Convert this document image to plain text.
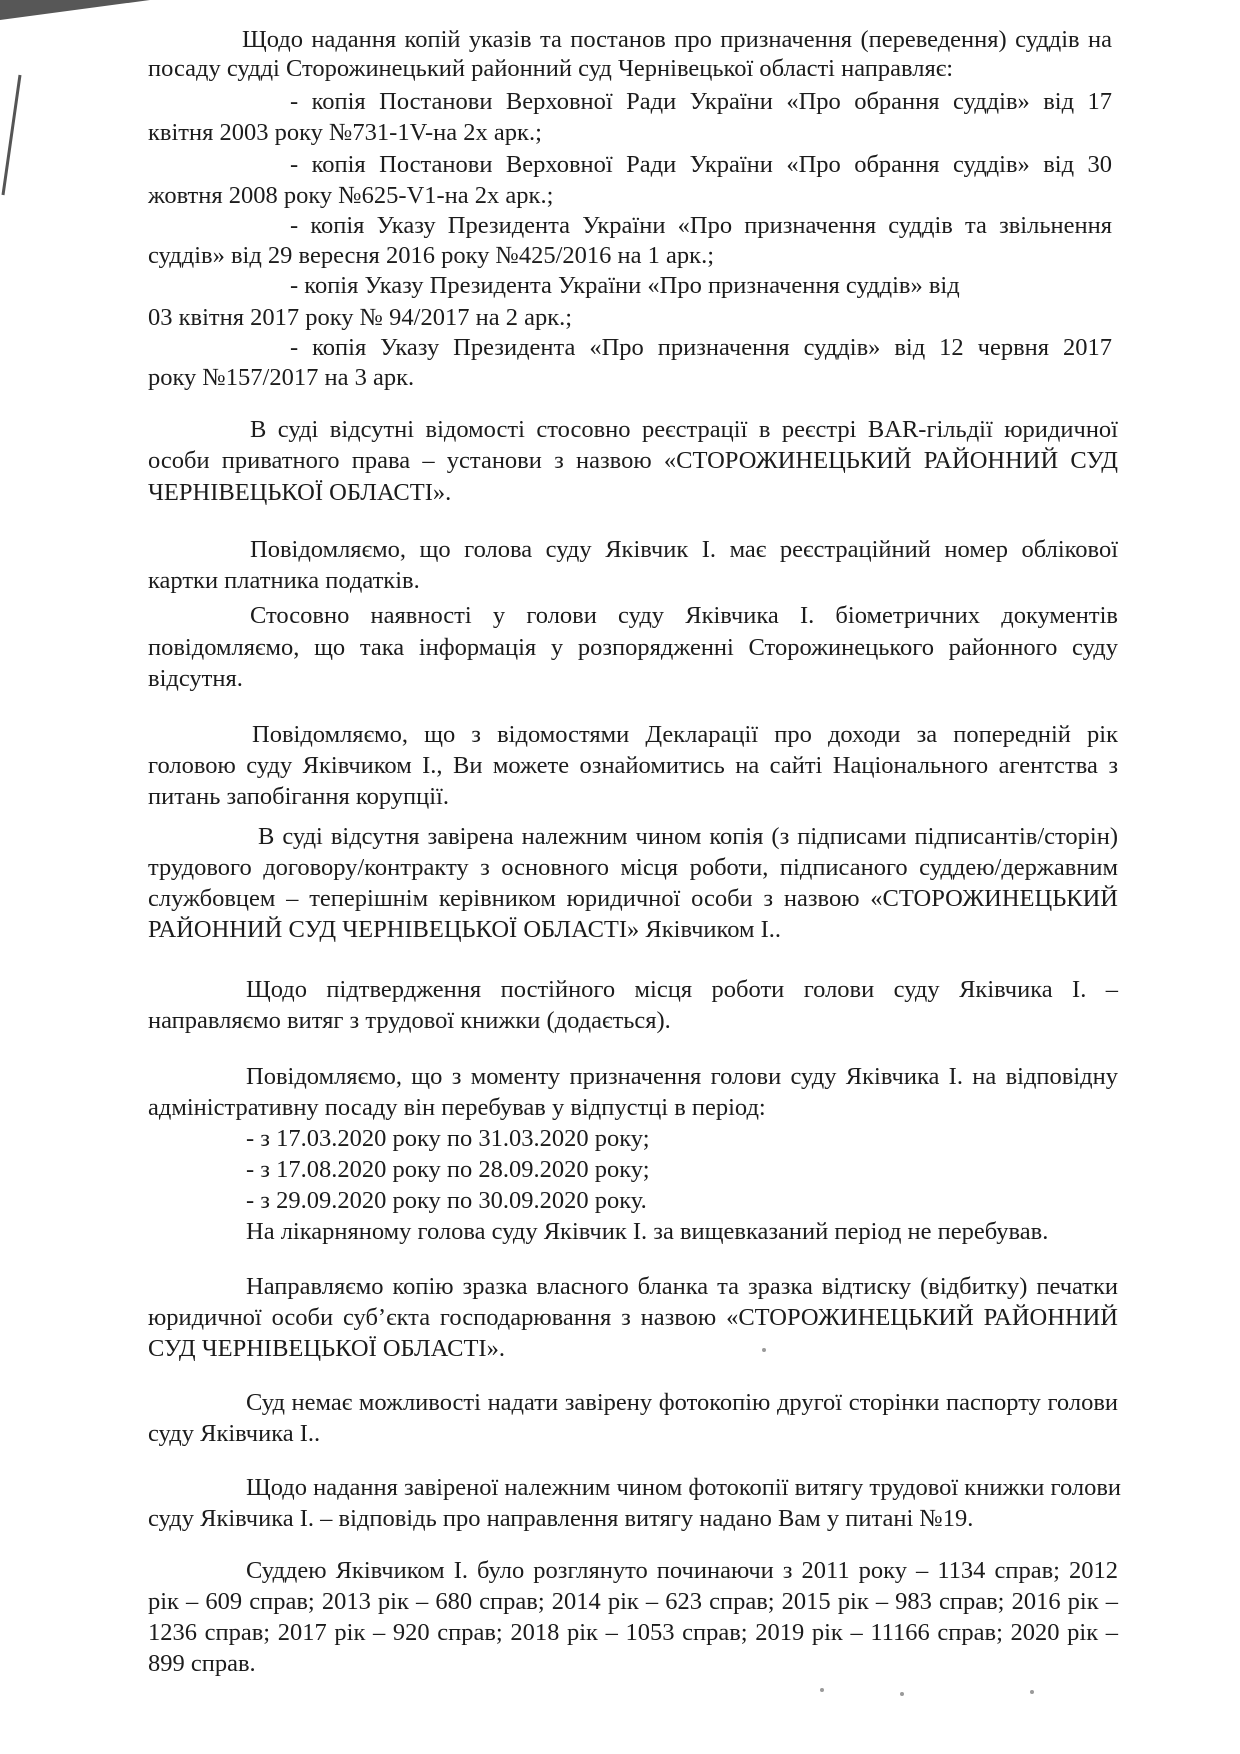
Щодо надання копій указів та постанов про призначення (переведення) суддів на

посаду судді Сторожинецький районний суд Чернівецької області направляє:

- копія Постанови Верховної Ради України «Про обрання суддів» від 17

квітня 2003 року №731-1V-на 2х арк.;

- копія Постанови Верховної Ради України «Про обрання суддів» від 30

жовтня 2008 року №625-V1-на 2х арк.;

- копія Указу Президента України «Про призначення суддів та звільнення

суддів» від 29 вересня 2016 року №425/2016 на 1 арк.;

- копія Указу Президента України «Про призначення суддів» від

03 квітня 2017 року № 94/2017 на 2 арк.;

- копія Указу Президента «Про призначення суддів» від 12 червня 2017

року №157/2017 на 3 арк.

В суді відсутні відомості стосовно реєстрації в реєстрі BAR-гільдії юридичної

особи приватного права – установи з назвою «СТОРОЖИНЕЦЬКИЙ РАЙОННИЙ СУД

ЧЕРНІВЕЦЬКОЇ ОБЛАСТІ».

Повідомляємо, що голова суду Яківчик І. має реєстраційний номер облікової

картки платника податків.

Стосовно наявності у голови суду Яківчика І. біометричних документів

повідомляємо, що така інформація у розпорядженні Сторожинецького районного суду

відсутня.

Повідомляємо, що з відомостями Декларації про доходи за попередній рік

головою суду Яківчиком І., Ви можете ознайомитись на сайті Національного агентства з

питань запобігання корупції.

В суді відсутня завірена належним чином копія (з підписами підписантів/сторін)

трудового договору/контракту з основного місця роботи, підписаного суддею/державним

службовцем – теперішнім керівником юридичної особи з назвою «СТОРОЖИНЕЦЬКИЙ

РАЙОННИЙ СУД ЧЕРНІВЕЦЬКОЇ ОБЛАСТІ» Яківчиком І..

Щодо підтвердження постійного місця роботи голови суду Яківчика І. –

направляємо витяг з трудової книжки (додається).

Повідомляємо, що з моменту призначення голови суду Яківчика І. на відповідну

адміністративну посаду він перебував у відпустці в період:

- з 17.03.2020 року по 31.03.2020 року;

- з 17.08.2020 року по 28.09.2020 року;

- з 29.09.2020 року по 30.09.2020 року.

На лікарняному голова суду Яківчик І. за вищевказаний період не перебував.

Направляємо копію зразка власного бланка та зразка відтиску (відбитку) печатки

юридичної особи суб’єкта господарювання з назвою «СТОРОЖИНЕЦЬКИЙ РАЙОННИЙ

СУД ЧЕРНІВЕЦЬКОЇ ОБЛАСТІ».

Суд немає можливості надати завірену фотокопію другої сторінки паспорту голови

суду Яківчика І..

Щодо надання завіреної належним чином фотокопії витягу трудової книжки голови

суду Яківчика І. – відповідь про направлення витягу надано Вам у питані №19.

Суддею Яківчиком І. було розглянуто починаючи з 2011 року – 1134 справ; 2012

рік – 609 справ; 2013 рік – 680 справ; 2014 рік – 623 справ; 2015 рік – 983 справ; 2016 рік –

1236 справ; 2017 рік – 920 справ; 2018 рік – 1053 справ; 2019 рік – 11166 справ; 2020 рік –

899 справ.
